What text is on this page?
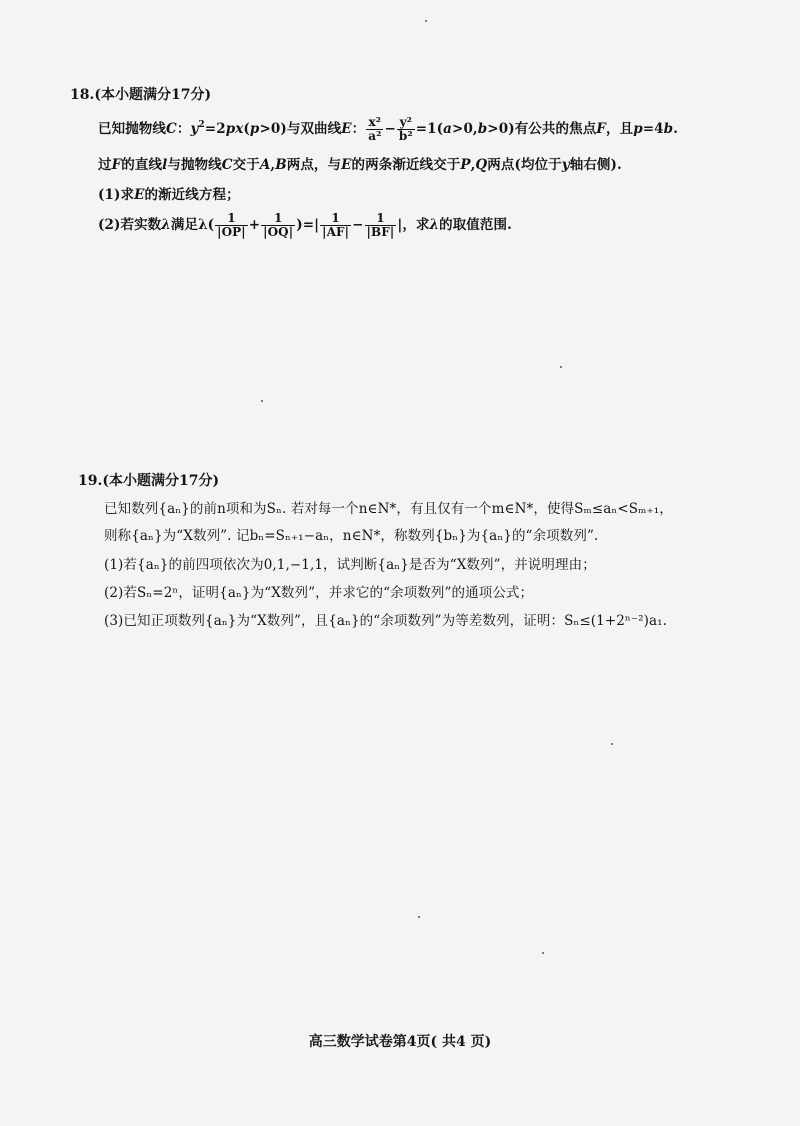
18.(本小题满分17分)
已知抛物线C：$y^2=2px(p>0)$与双曲线E： $\frac{\text{x²}}{\text{a²}} - \frac{\text{y²}}{\text{b²}} =1(a>0,b>0)$有公共的焦点F，且p=4b.
过F的直线l与抛物线C交于A,B两点，与E的两条渐近线交于P,Q两点(均位于y轴右侧).
(1)求E的渐近线方程；
(2)若实数λ满足$\lambda( \frac{1}{|OP|} + \frac{1}{|OQ|}$ )=| $\frac{1}{|AF|} - \frac{1}{|BF|}$ |，求λ的取值范围.
19.(本小题满分17分)
已知数列{aₙ}的前n项和为Sₙ. 若对每一个n∈N*，有且仅有一个m∈N*，使得Sₘ≤aₙ<Sₘ₊₁，
则称{aₙ}为“X数列”. 记bₙ=Sₙ₊₁−aₙ，n∈N*，称数列{bₙ}为{aₙ}的“余项数列”.
(1)若{aₙ}的前四项依次为0,1,−1,1，试判断{aₙ}是否为“X数列”，并说明理由；
(2)若Sₙ=2ⁿ，证明{aₙ}为“X数列”，并求它的“余项数列”的通项公式；
(3)已知正项数列{aₙ}为“X数列”，且{aₙ}的“余项数列”为等差数列，证明：Sₙ≤(1+2ⁿ⁻²)a₁.
高三数学试卷第4页( 共4 页)
